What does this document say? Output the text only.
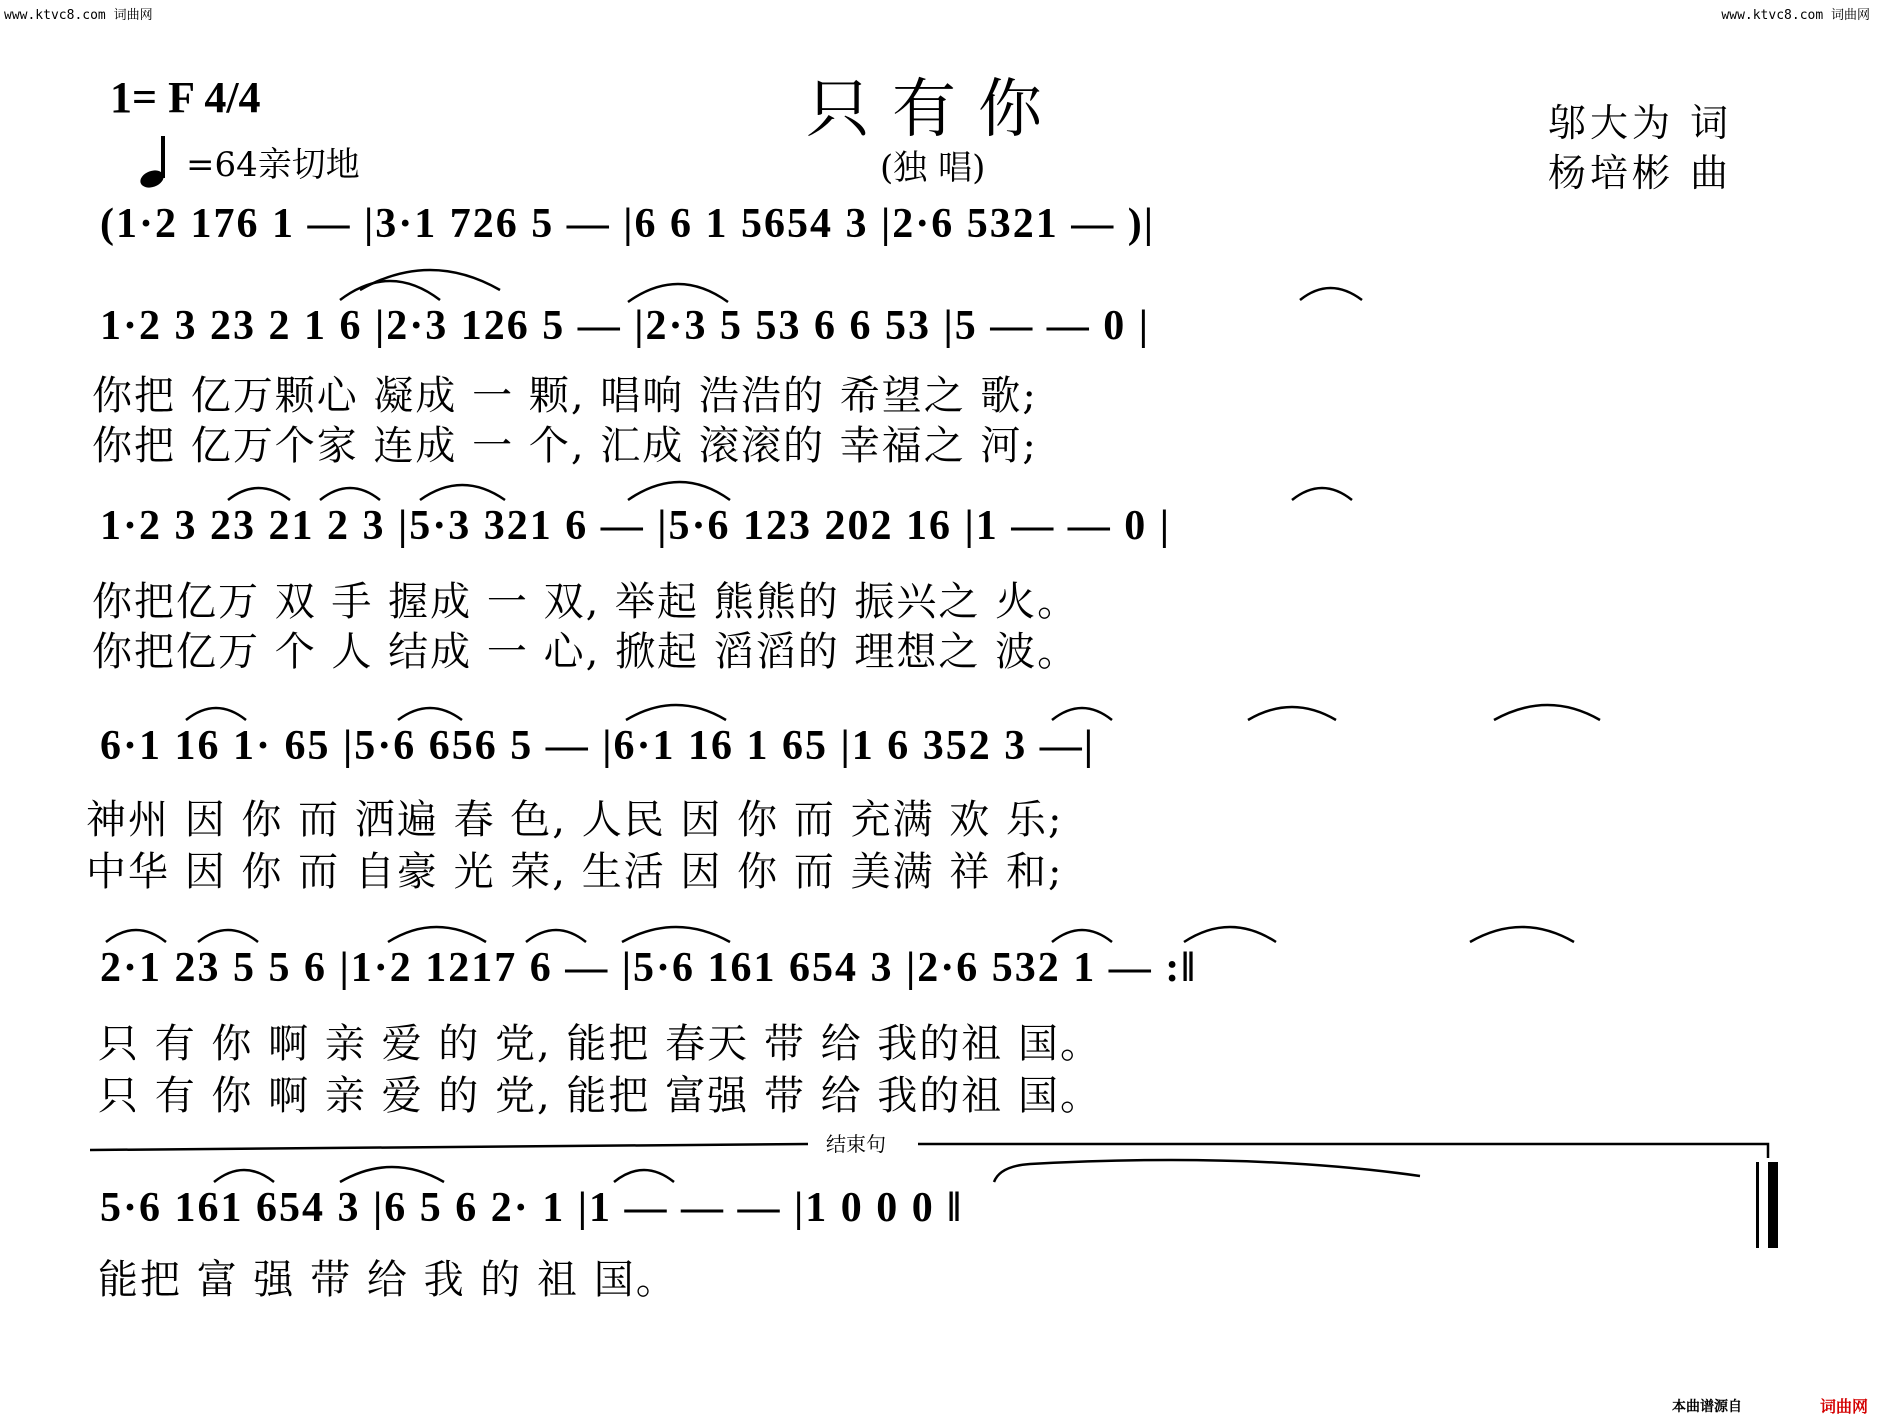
www.ktvc8.com 词曲网	www.ktvc8.com 词曲网
1= F 4/4
=64亲切地
只有你
(独 唱)
邬大为 词
杨培彬 曲
(1·2 176 1 — |3·1 726 5 — |6 6 1 5654 3 |2·6 5321 — )|
1·2 3 23 2 1 6 |2·3 126 5 — |2·3 5 53 6 6 53 |5 — — 0 |
你把 亿万颗心 凝成 一 颗, 唱响 浩浩的 希望之 歌;
你把 亿万个家 连成 一 个, 汇成 滚滚的 幸福之 河;
1·2 3 23 21 2 3 |5·3 321 6 — |5·6 123 202 16 |1 — — 0 |
你把亿万 双 手 握成 一 双, 举起 熊熊的 振兴之 火。
你把亿万 个 人 结成 一 心, 掀起 滔滔的 理想之 波。
6·1 16 1· 65 |5·6 656 5 — |6·1 16 1 65 |1 6 352 3 —|
神州 因 你 而 洒遍 春 色, 人民 因 你 而 充满 欢 乐;
中华 因 你 而 自豪 光 荣, 生活 因 你 而 美满 祥 和;
2·1 23 5 5 6 |1·2 1217 6 — |5·6 161 654 3 |2·6 532 1 — :‖
只 有 你 啊 亲 爱 的 党, 能把 春天 带 给 我的祖 国。
只 有 你 啊 亲 爱 的 党, 能把 富强 带 给 我的祖 国。
结束句
5·6 161 654 3 |6 5 6 2· 1 |1 — — — |1 0 0 0 ‖
能把 富 强 带 给 我 的 祖 国。
本曲谱源自	词曲网
